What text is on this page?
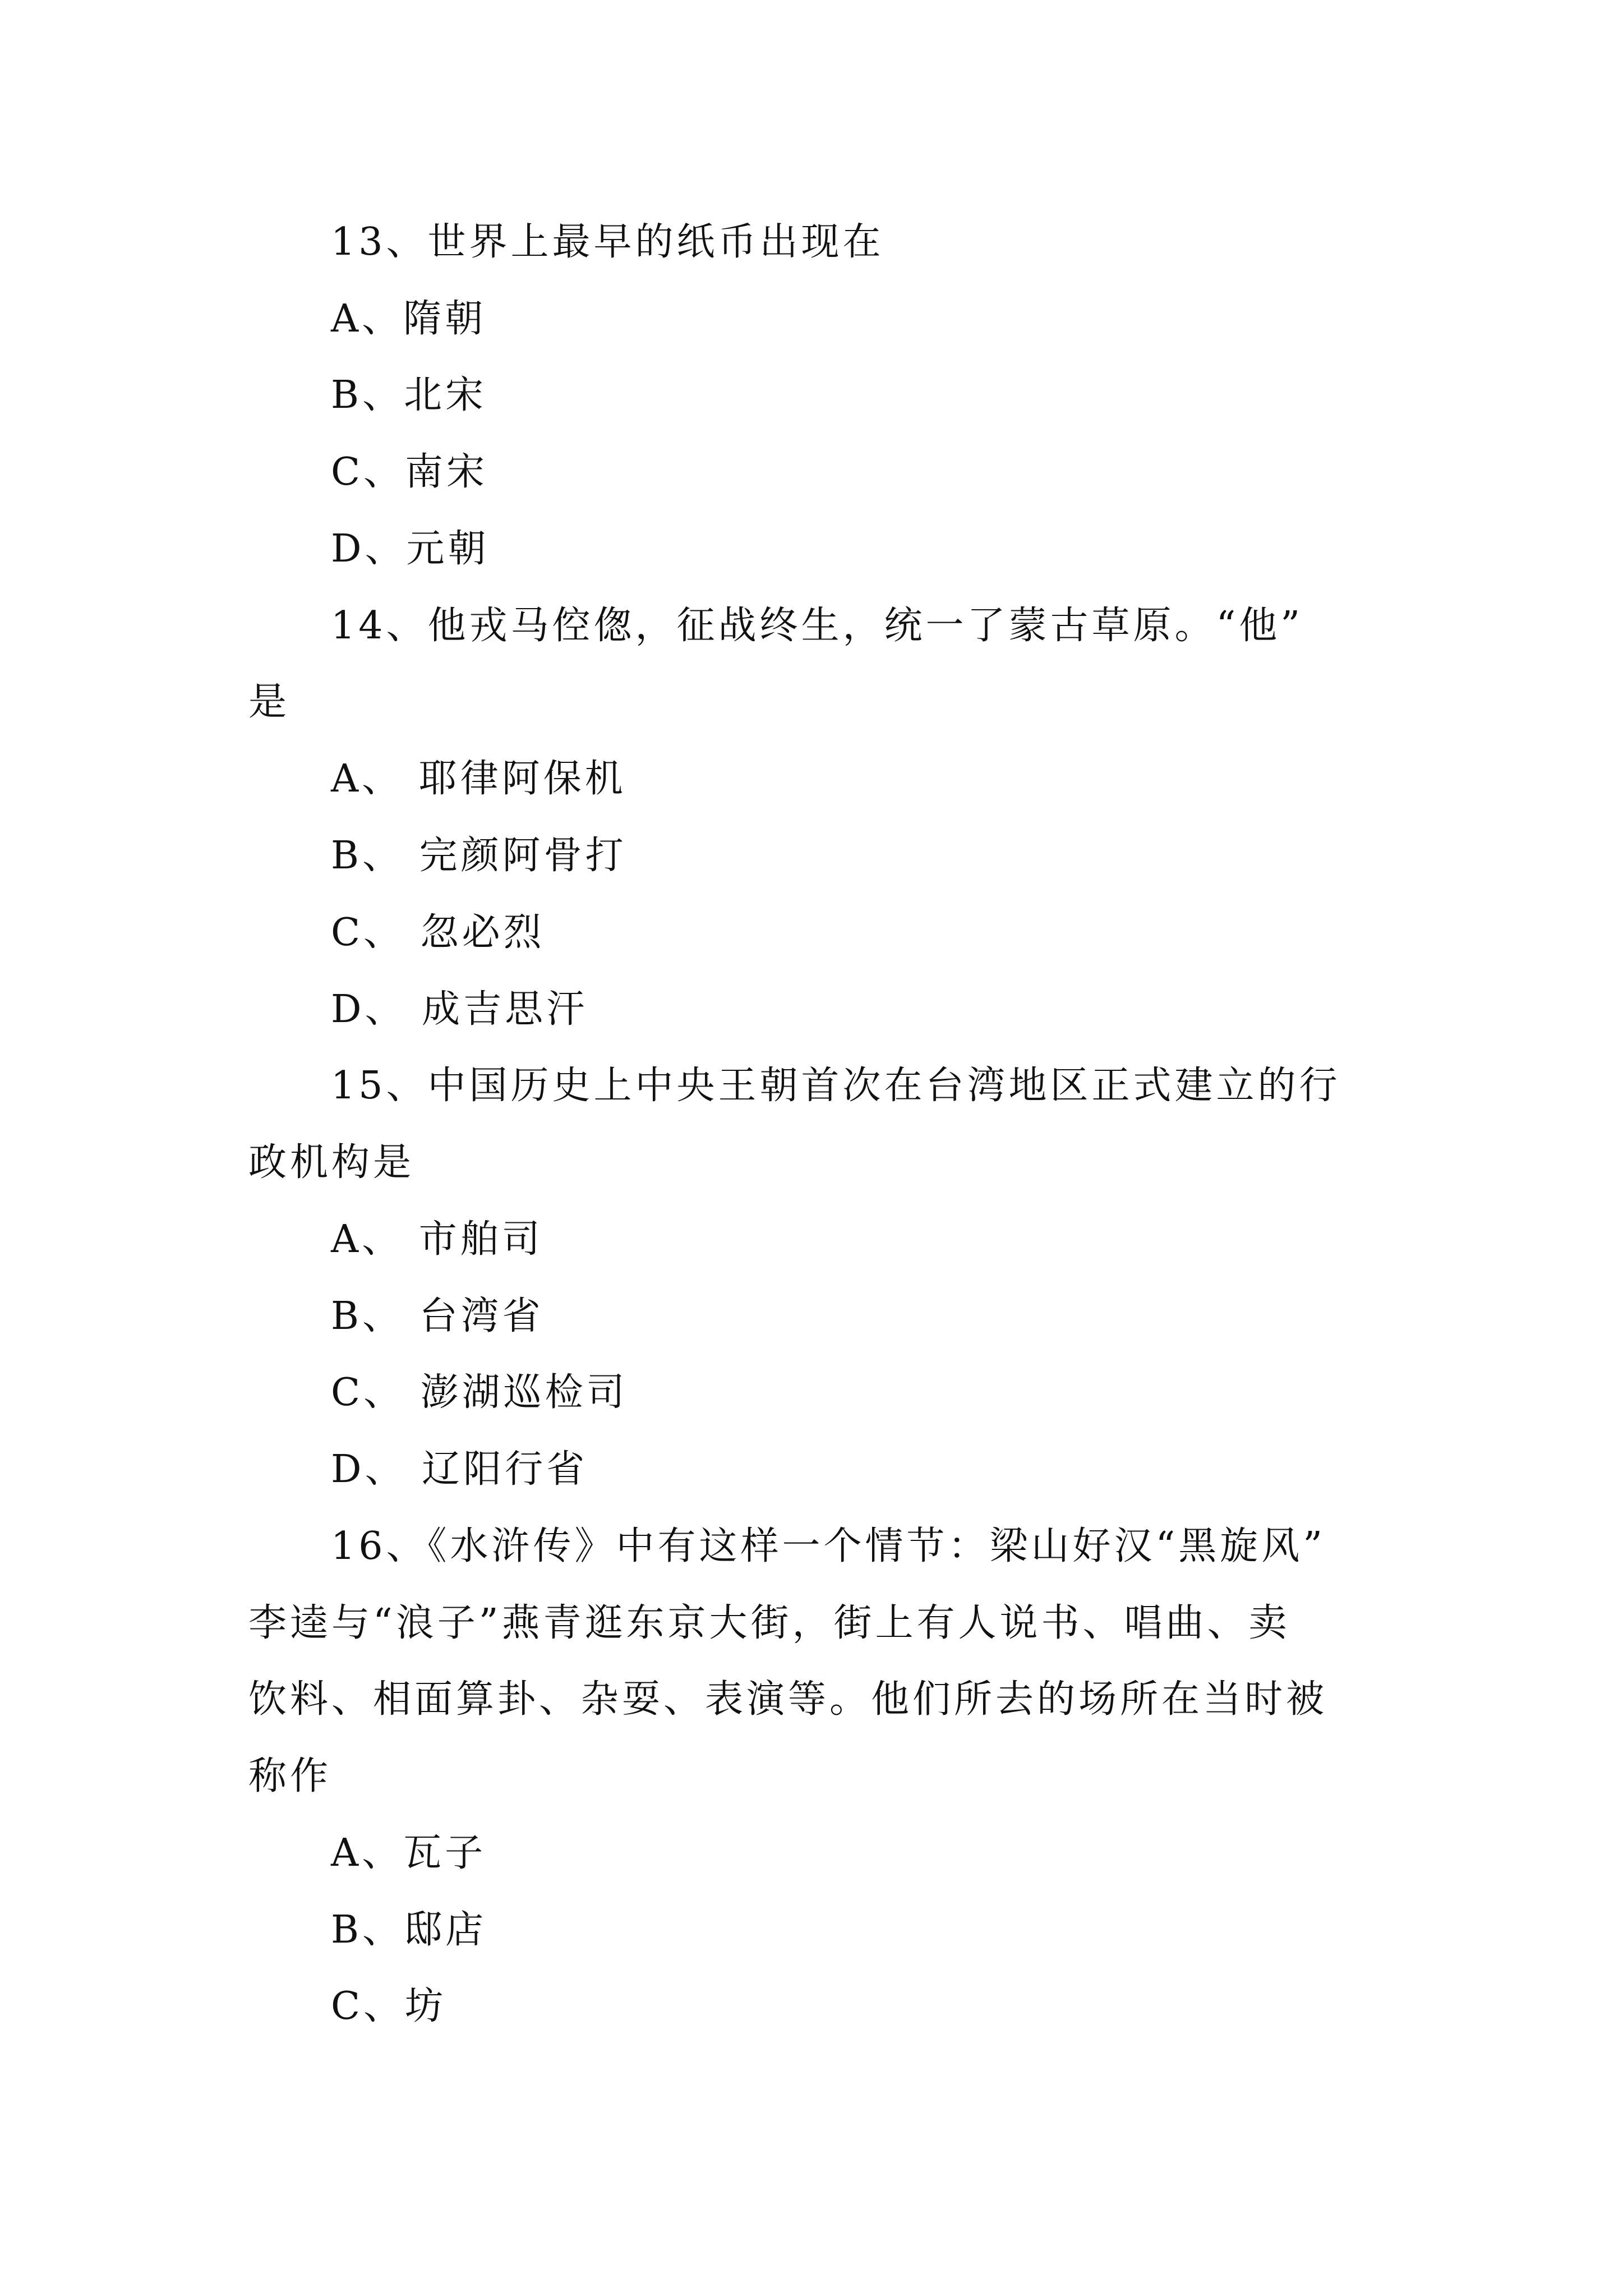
13、世界上最早的纸币出现在
A、隋朝
B、北宋
C、南宋
D、元朝
14、他戎马倥偬，征战终生，统一了蒙古草原。“他”
是
A、 耶律阿保机
B、 完颜阿骨打
C、 忽必烈
D、 成吉思汗
15、中国历史上中央王朝首次在台湾地区正式建立的行
政机构是
A、 市舶司
B、 台湾省
C、 澎湖巡检司
D、 辽阳行省
16、《水浒传》中有这样一个情节：梁山好汉“黑旋风”
李逵与“浪子”燕青逛东京大街，街上有人说书、唱曲、卖
饮料、相面算卦、杂耍、表演等。他们所去的场所在当时被
称作
A、瓦子
B、邸店
C、坊
